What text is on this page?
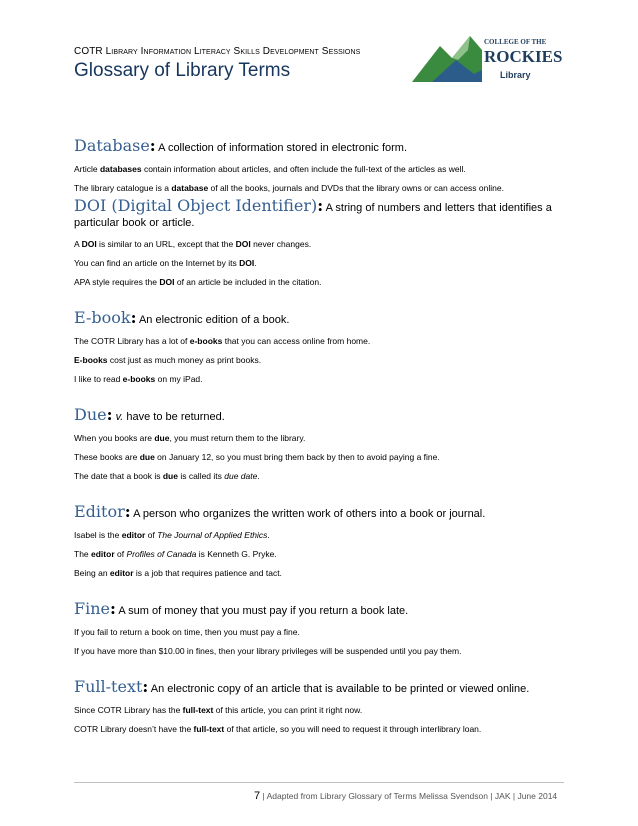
COTR Library Information Literacy Skills Development Sessions
Glossary of Library Terms
COLLEGE OF THE
ROCKIES
Library
Database: A collection of information stored in electronic form.
Article databases contain information about articles, and often include the full-text of the articles as well.
The library catalogue is a database of all the books, journals and DVDs that the library owns or can access online.
DOI (Digital Object Identifier): A string of numbers and letters that identifies a particular book or article.
A DOI is similar to an URL, except that the DOI never changes.
You can find an article on the Internet by its DOI.
APA style requires the DOI of an article be included in the citation.
E-book: An electronic edition of a book.
The COTR Library has a lot of e-books that you can access online from home.
E-books cost just as much money as print books.
I like to read e-books on my iPad.
Due: v. have to be returned.
When you books are due, you must return them to the library.
These books are due on January 12, so you must bring them back by then to avoid paying a fine.
The date that a book is due is called its due date.
Editor: A person who organizes the written work of others into a book or journal.
Isabel is the editor of The Journal of Applied Ethics.
The editor of Profiles of Canada is Kenneth G. Pryke.
Being an editor is a job that requires patience and tact.
Fine: A sum of money that you must pay if you return a book late.
If you fail to return a book on time, then you must pay a fine.
If you have more than $10.00 in fines, then your library privileges will be suspended until you pay them.
Full-text: An electronic copy of an article that is available to be printed or viewed online.
Since COTR Library has the full-text of this article, you can print it right now.
COTR Library doesn’t have the full-text of that article, so you will need to request it through interlibrary loan.
7 | Adapted from Library Glossary of Terms Melissa Svendson | JAK | June 2014
